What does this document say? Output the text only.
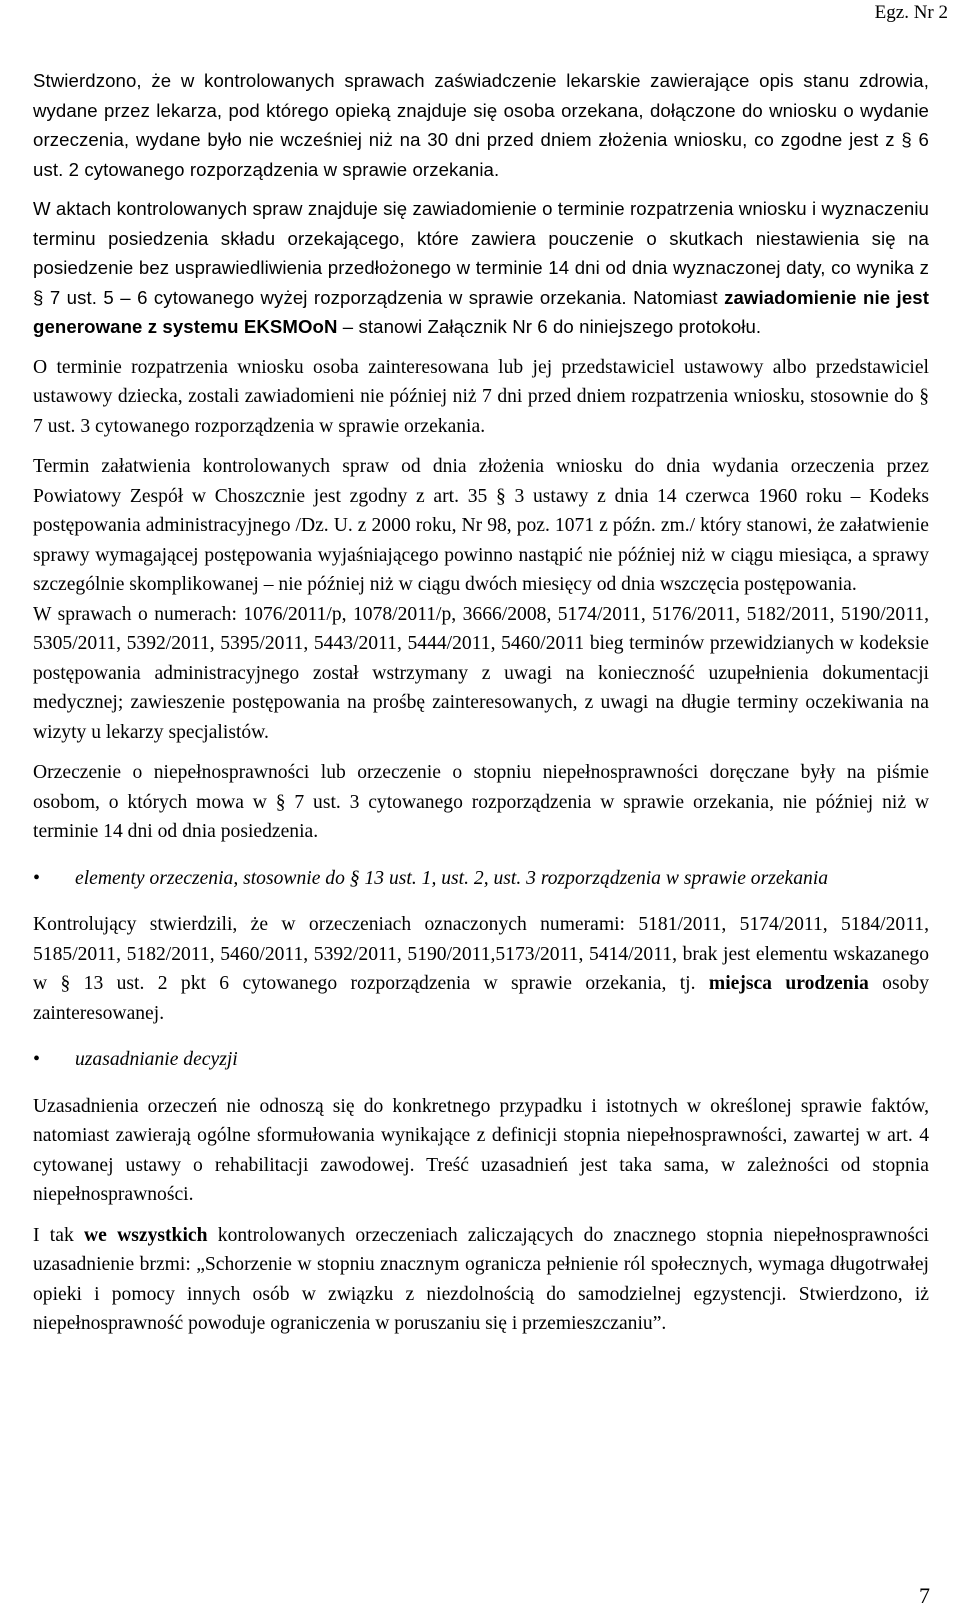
Egz. Nr 2

Stwierdzono, że w kontrolowanych sprawach zaświadczenie lekarskie zawierające opis stanu zdrowia, wydane przez lekarza, pod którego opieką znajduje się osoba orzekana, dołączone do wniosku o wydanie orzeczenia, wydane było nie wcześniej niż na 30 dni przed dniem złożenia wniosku, co zgodne jest z § 6 ust. 2 cytowanego rozporządzenia w sprawie orzekania.

W aktach kontrolowanych spraw znajduje się zawiadomienie o terminie rozpatrzenia wniosku i wyznaczeniu terminu posiedzenia składu orzekającego, które zawiera pouczenie o skutkach niestawienia się na posiedzenie bez usprawiedliwienia przedłożonego w terminie 14 dni od dnia wyznaczonej daty, co wynika z § 7 ust. 5 – 6 cytowanego wyżej rozporządzenia w sprawie orzekania. Natomiast zawiadomienie nie jest generowane z systemu EKSMOoN – stanowi Załącznik Nr 6 do niniejszego protokołu.

O terminie rozpatrzenia wniosku osoba zainteresowana lub jej przedstawiciel ustawowy albo przedstawiciel ustawowy dziecka, zostali zawiadomieni nie później niż 7 dni przed dniem rozpatrzenia wniosku, stosownie do § 7 ust. 3 cytowanego rozporządzenia w sprawie orzekania.

Termin załatwienia kontrolowanych spraw od dnia złożenia wniosku do dnia wydania orzeczenia przez Powiatowy Zespół w Choszcznie jest zgodny z art. 35 § 3 ustawy z dnia 14 czerwca 1960 roku – Kodeks postępowania administracyjnego /Dz. U. z 2000 roku, Nr 98, poz. 1071 z późn. zm./ który stanowi, że załatwienie sprawy wymagającej postępowania wyjaśniającego powinno nastąpić nie później niż w ciągu miesiąca, a sprawy szczególnie skomplikowanej – nie później niż w ciągu dwóch miesięcy od dnia wszczęcia postępowania.

W sprawach o numerach: 1076/2011/p, 1078/2011/p, 3666/2008, 5174/2011, 5176/2011, 5182/2011, 5190/2011, 5305/2011, 5392/2011, 5395/2011, 5443/2011, 5444/2011, 5460/2011 bieg terminów przewidzianych w kodeksie postępowania administracyjnego został wstrzymany z uwagi na konieczność uzupełnienia dokumentacji medycznej; zawieszenie postępowania na prośbę zainteresowanych, z uwagi na długie terminy oczekiwania na wizyty u lekarzy specjalistów.

Orzeczenie o niepełnosprawności lub orzeczenie o stopniu niepełnosprawności doręczane były na piśmie osobom, o których mowa w § 7 ust. 3 cytowanego rozporządzenia w sprawie orzekania, nie później niż w terminie 14 dni od dnia posiedzenia.

•	elementy orzeczenia, stosownie do § 13 ust. 1, ust. 2, ust. 3 rozporządzenia w sprawie orzekania

Kontrolujący stwierdzili, że w orzeczeniach oznaczonych numerami: 5181/2011, 5174/2011, 5184/2011, 5185/2011, 5182/2011, 5460/2011, 5392/2011, 5190/2011,5173/2011, 5414/2011, brak jest elementu wskazanego w § 13 ust. 2 pkt 6 cytowanego rozporządzenia w sprawie orzekania, tj. miejsca urodzenia osoby zainteresowanej.

•	uzasadnianie decyzji

Uzasadnienia orzeczeń nie odnoszą się do konkretnego przypadku i istotnych w określonej sprawie faktów, natomiast zawierają ogólne sformułowania wynikające z definicji stopnia niepełnosprawności, zawartej w art. 4 cytowanej ustawy o rehabilitacji zawodowej. Treść uzasadnień jest taka sama, w zależności od stopnia niepełnosprawności.

I tak we wszystkich kontrolowanych orzeczeniach zaliczających do znacznego stopnia niepełnosprawności uzasadnienie brzmi: „Schorzenie w stopniu znacznym ogranicza pełnienie ról społecznych, wymaga długotrwałej opieki i pomocy innych osób w związku z niezdolnością do samodzielnej egzystencji. Stwierdzono, iż niepełnosprawność powoduje ograniczenia w poruszaniu się i przemieszczaniu”.

7
